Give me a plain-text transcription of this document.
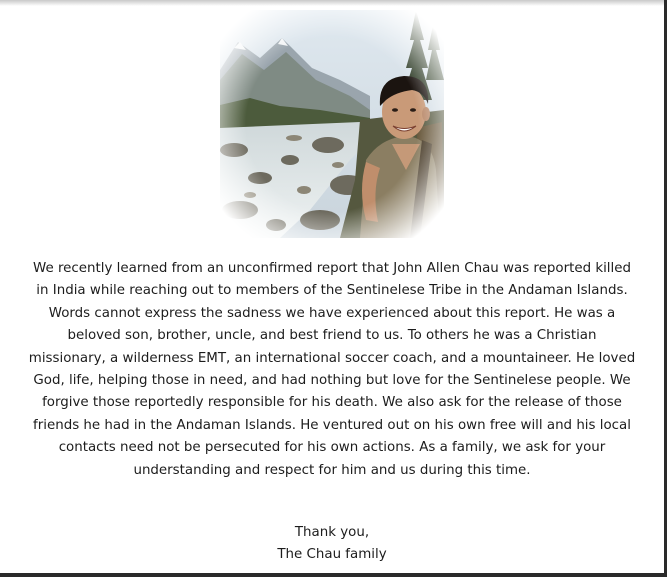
We recently learned from an unconfirmed report that John Allen Chau was reported killed in India while reaching out to members of the Sentinelese Tribe in the Andaman Islands. Words cannot express the sadness we have experienced about this report. He was a beloved son, brother, uncle, and best friend to us. To others he was a Christian missionary, a wilderness EMT, an international soccer coach, and a mountaineer. He loved God, life, helping those in need, and had nothing but love for the Sentinelese people. We forgive those reportedly responsible for his death. We also ask for the release of those friends he had in the Andaman Islands. He ventured out on his own free will and his local contacts need not be persecuted for his own actions. As a family, we ask for your understanding and respect for him and us during this time.

Thank you,
The Chau family
